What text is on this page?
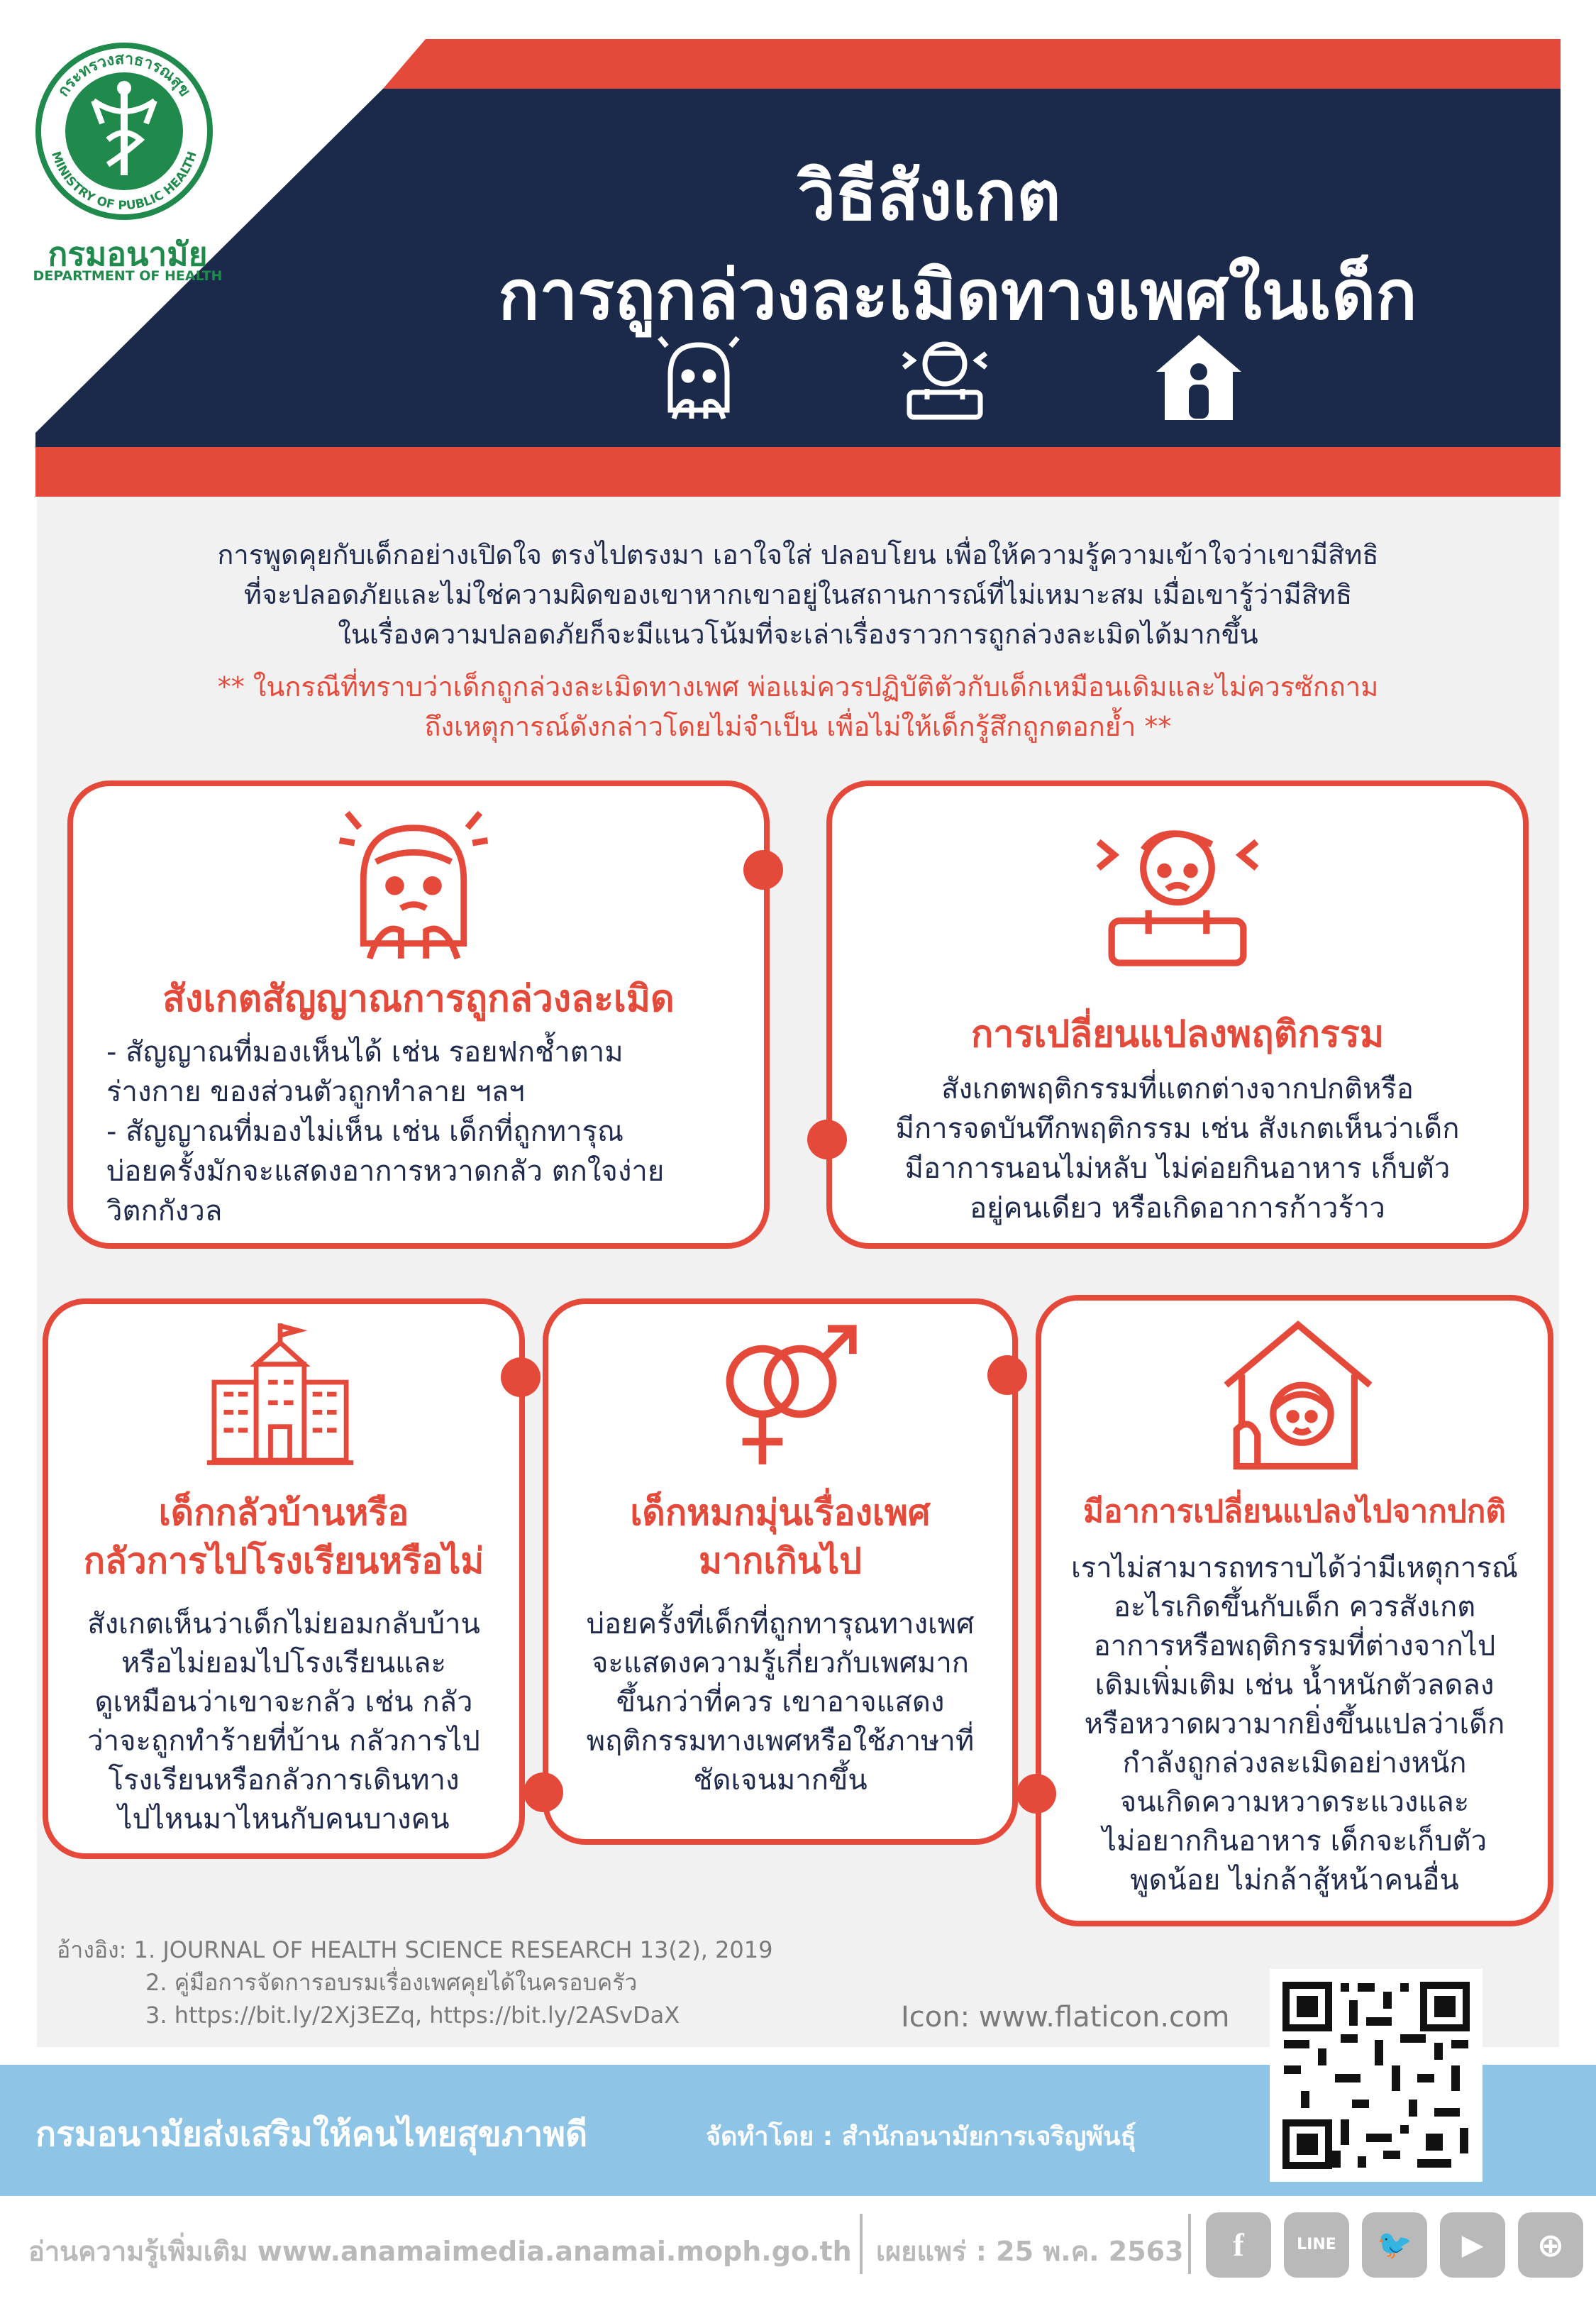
กระทรวงสาธารณสุข
MINISTRY OF PUBLIC HEALTH
กรมอนามัย
DEPARTMENT OF HEALTH
วิธีสังเกต
การถูกล่วงละเมิดทางเพศในเด็ก
การพูดคุยกับเด็กอย่างเปิดใจ ตรงไปตรงมา เอาใจใส่ ปลอบโยน เพื่อให้ความรู้ความเข้าใจว่าเขามีสิทธิ
ที่จะปลอดภัยและไม่ใช่ความผิดของเขาหากเขาอยู่ในสถานการณ์ที่ไม่เหมาะสม เมื่อเขารู้ว่ามีสิทธิ
ในเรื่องความปลอดภัยก็จะมีแนวโน้มที่จะเล่าเรื่องราวการถูกล่วงละเมิดได้มากขึ้น
** ในกรณีที่ทราบว่าเด็กถูกล่วงละเมิดทางเพศ พ่อแม่ควรปฏิบัติตัวกับเด็กเหมือนเดิมและไม่ควรซักถาม
ถึงเหตุการณ์ดังกล่าวโดยไม่จำเป็น เพื่อไม่ให้เด็กรู้สึกถูกตอกย้ำ **
สังเกตสัญญาณการถูกล่วงละเมิด
- สัญญาณที่มองเห็นได้ เช่น รอยฟกช้ำตาม
ร่างกาย ของส่วนตัวถูกทำลาย ฯลฯ
- สัญญาณที่มองไม่เห็น เช่น เด็กที่ถูกทารุณ
บ่อยครั้งมักจะแสดงอาการหวาดกลัว ตกใจง่าย
วิตกกังวล
การเปลี่ยนแปลงพฤติกรรม
สังเกตพฤติกรรมที่แตกต่างจากปกติหรือ
มีการจดบันทึกพฤติกรรม เช่น สังเกตเห็นว่าเด็ก
มีอาการนอนไม่หลับ ไม่ค่อยกินอาหาร เก็บตัว
อยู่คนเดียว หรือเกิดอาการก้าวร้าว
เด็กกลัวบ้านหรือ
กลัวการไปโรงเรียนหรือไม่
สังเกตเห็นว่าเด็กไม่ยอมกลับบ้าน
หรือไม่ยอมไปโรงเรียนและ
ดูเหมือนว่าเขาจะกลัว เช่น กลัว
ว่าจะถูกทำร้ายที่บ้าน กลัวการไป
โรงเรียนหรือกลัวการเดินทาง
ไปไหนมาไหนกับคนบางคน
เด็กหมกมุ่นเรื่องเพศ
มากเกินไป
บ่อยครั้งที่เด็กที่ถูกทารุณทางเพศ
จะแสดงความรู้เกี่ยวกับเพศมาก
ขึ้นกว่าที่ควร เขาอาจแสดง
พฤติกรรมทางเพศหรือใช้ภาษาที่
ชัดเจนมากขึ้น
มีอาการเปลี่ยนแปลงไปจากปกติ
เราไม่สามารถทราบได้ว่ามีเหตุการณ์
อะไรเกิดขึ้นกับเด็ก ควรสังเกต
อาการหรือพฤติกรรมที่ต่างจากไป
เดิมเพิ่มเติม เช่น น้ำหนักตัวลดลง
หรือหวาดผวามากยิ่งขึ้นแปลว่าเด็ก
กำลังถูกล่วงละเมิดอย่างหนัก
จนเกิดความหวาดระแวงและ
ไม่อยากกินอาหาร เด็กจะเก็บตัว
พูดน้อย ไม่กล้าสู้หน้าคนอื่น
อ้างอิง: 1. JOURNAL OF HEALTH SCIENCE RESEARCH 13(2), 2019
2. คู่มือการจัดการอบรมเรื่องเพศคุยได้ในครอบครัว
3. https://bit.ly/2Xj3EZq, https://bit.ly/2ASvDaX	Icon: www.flaticon.com
กรมอนามัยส่งเสริมให้คนไทยสุขภาพดี	จัดทำโดย : สำนักอนามัยการเจริญพันธุ์
อ่านความรู้เพิ่มเติม www.anamaimedia.anamai.moph.go.th เผยแพร่ : 25 พ.ค. 2563	f	LINE	🐦	▶	⊕
